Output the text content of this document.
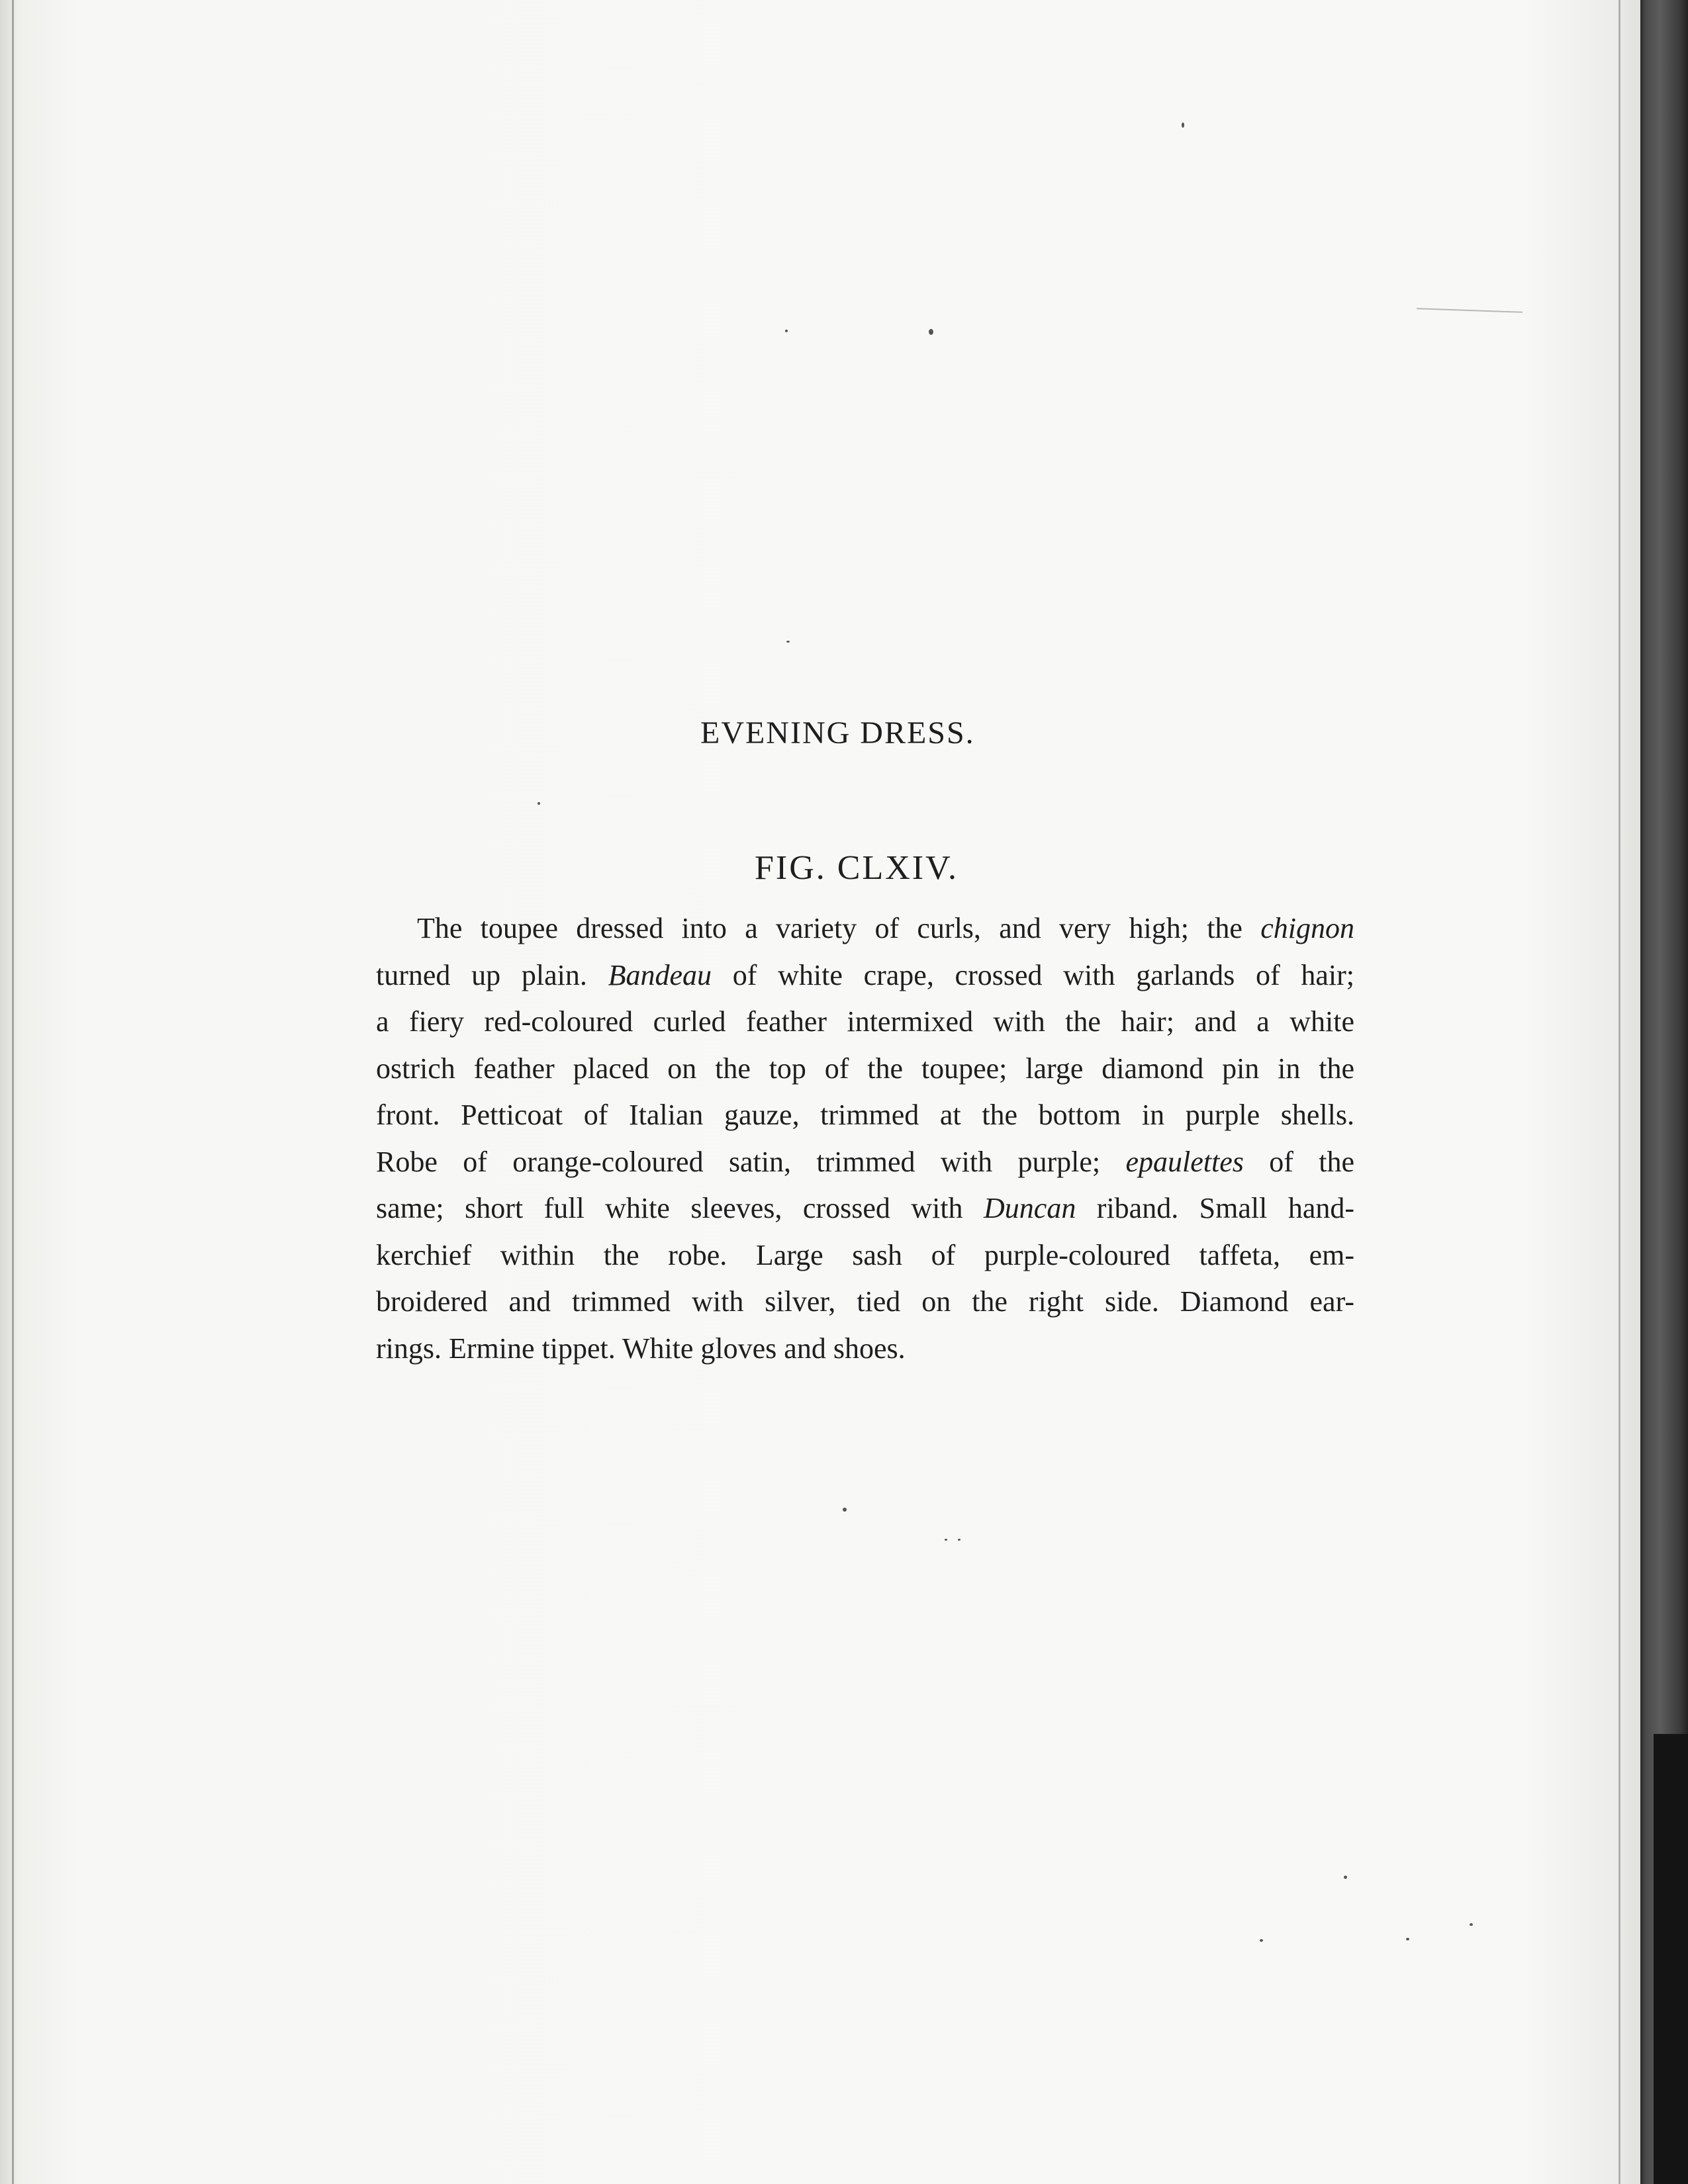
EVENING DRESS.
FIG. CLXIV.
The toupee dressed into a variety of curls, and very high; the chignon
turned up plain. Bandeau of white crape, crossed with garlands of hair;
a fiery red-coloured curled feather intermixed with the hair; and a white
ostrich feather placed on the top of the toupee; large diamond pin in the
front. Petticoat of Italian gauze, trimmed at the bottom in purple shells.
Robe of orange-coloured satin, trimmed with purple; epaulettes of the
same; short full white sleeves, crossed with Duncan riband. Small hand-
kerchief within the robe. Large sash of purple-coloured taffeta, em-
broidered and trimmed with silver, tied on the right side. Diamond ear-
rings. Ermine tippet. White gloves and shoes.
